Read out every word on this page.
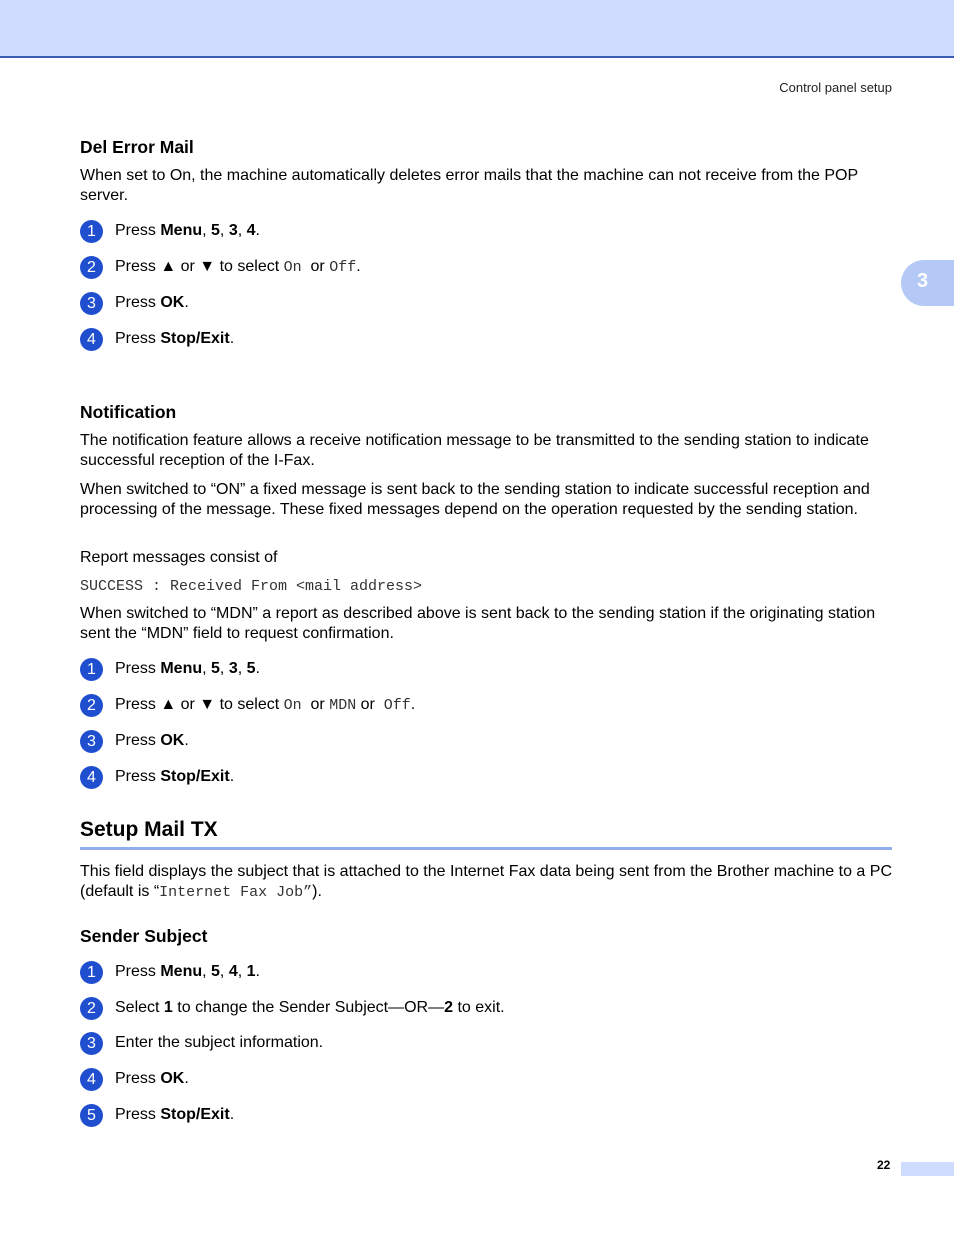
Control panel setup
3
Del Error Mail
When set to On, the machine automatically deletes error mails that the machine can not receive from the POP server.
1	Press Menu, 5, 3, 4.
2	Press ▲ or ▼ to select On  or Off.
3	Press OK.
4	Press Stop/Exit.
Notification
The notification feature allows a receive notification message to be transmitted to the sending station to indicate successful reception of the I-Fax.
When switched to “ON” a fixed message is sent back to the sending station to indicate successful reception and processing of the message. These fixed messages depend on the operation requested by the sending station.
Report messages consist of
SUCCESS : Received From <mail address>
When switched to “MDN” a report as described above is sent back to the sending station if the originating station sent the “MDN” field to request confirmation.
1	Press Menu, 5, 3, 5.
2	Press ▲ or ▼ to select On  or MDN or  Off.
3	Press OK.
4	Press Stop/Exit.
Setup Mail TX
This field displays the subject that is attached to the Internet Fax data being sent from the Brother machine to a PC (default is “Internet Fax Job”).
Sender Subject
1	Press Menu, 5, 4, 1.
2	Select 1 to change the Sender Subject—OR—2 to exit.
3	Enter the subject information.
4	Press OK.
5	Press Stop/Exit.
22
